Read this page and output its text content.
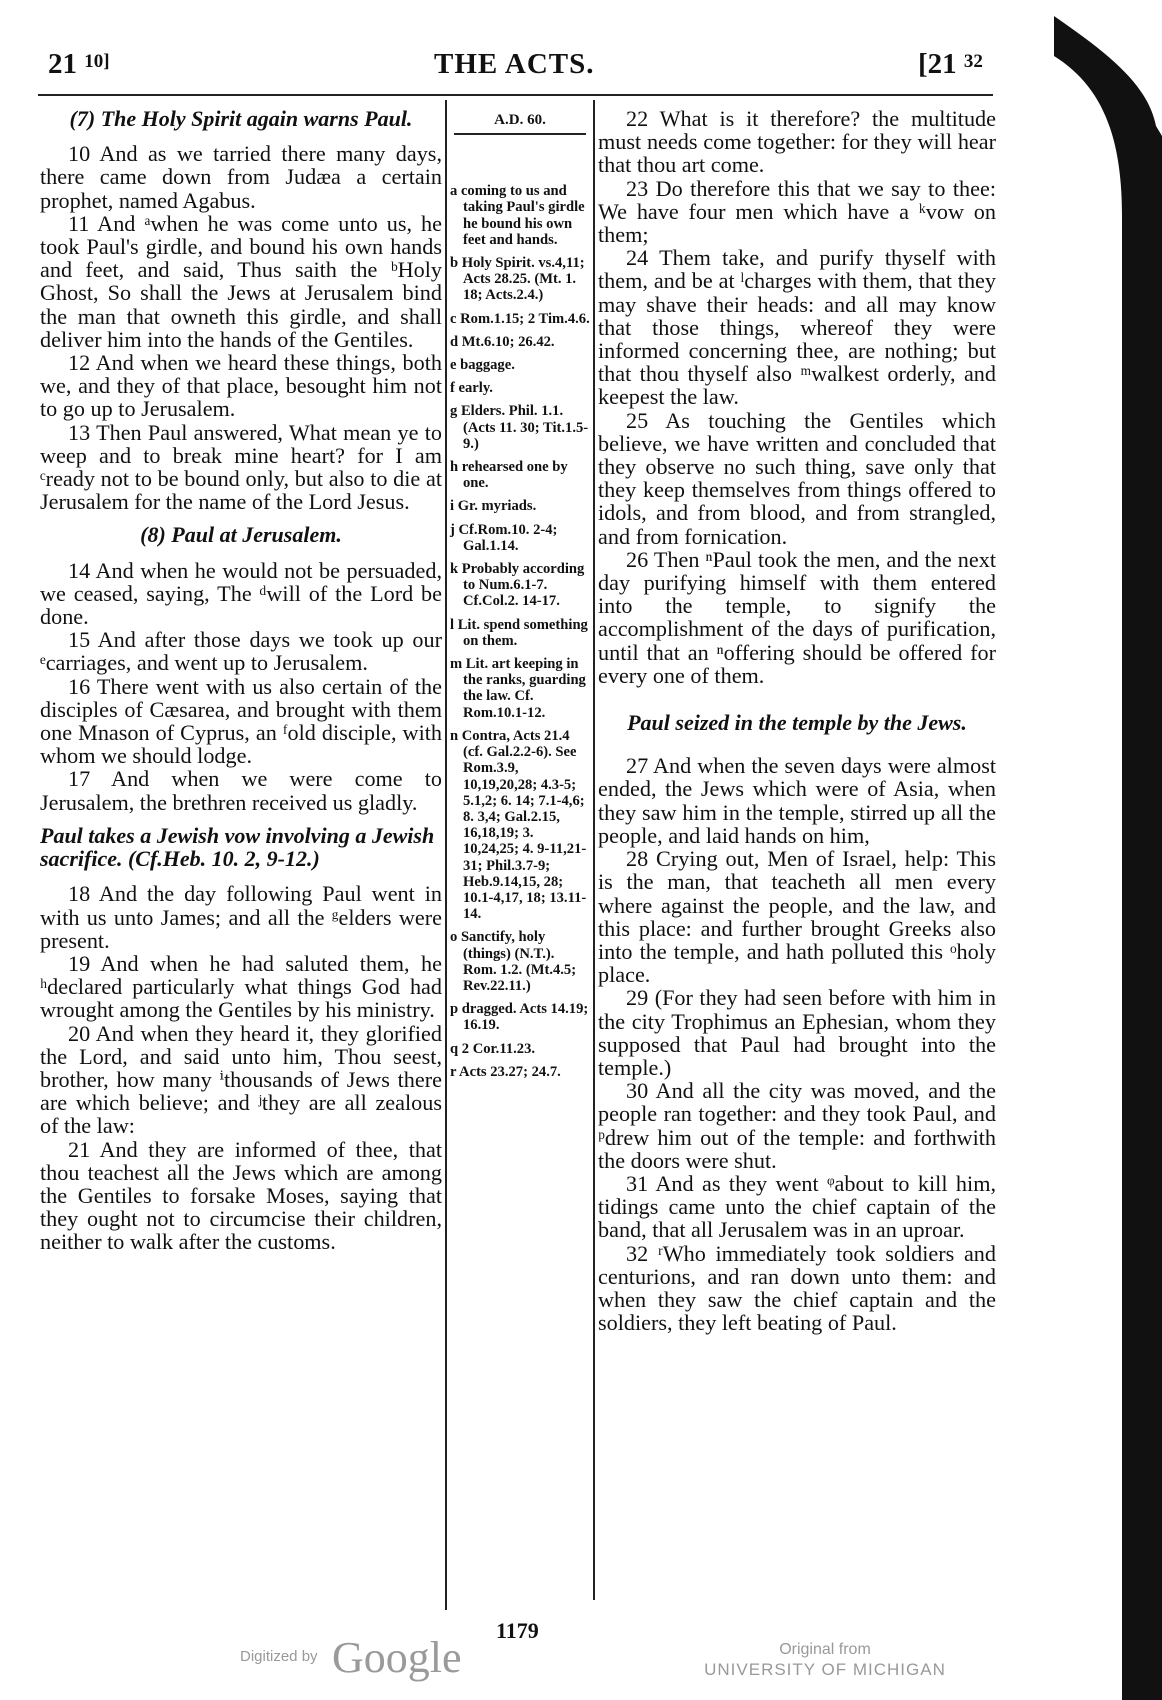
21 $^{10]}$	THE ACTS.	[21 $^{32}$

(7) The Holy Spirit again warns Paul.

10 And as we tarried there many days, there came down from Judæa a certain prophet, named Agabus.

11 And ᵃwhen he was come unto us, he took Paul's girdle, and bound his own hands and feet, and said, Thus saith the ᵇHoly Ghost, So shall the Jews at Jerusalem bind the man that owneth this girdle, and shall deliver him into the hands of the Gentiles.

12 And when we heard these things, both we, and they of that place, besought him not to go up to Jerusalem.

13 Then Paul answered, What mean ye to weep and to break mine heart? for I am ᶜready not to be bound only, but also to die at Jerusalem for the name of the Lord Jesus.

(8) Paul at Jerusalem.

14 And when he would not be persuaded, we ceased, saying, The ᵈwill of the Lord be done.

15 And after those days we took up our ᵉcarriages, and went up to Jerusalem.

16 There went with us also certain of the disciples of Cæsarea, and brought with them one Mnason of Cyprus, an ᶠold disciple, with whom we should lodge.

17 And when we were come to Jerusalem, the brethren received us gladly.

Paul takes a Jewish vow involving a Jewish sacrifice. (Cf.Heb. 10. 2, 9-12.)

18 And the day following Paul went in with us unto James; and all the ᵍelders were present.

19 And when he had saluted them, he ʰdeclared particularly what things God had wrought among the Gentiles by his ministry.

20 And when they heard it, they glorified the Lord, and said unto him, Thou seest, brother, how many ⁱthousands of Jews there are which believe; and ʲthey are all zealous of the law:

21 And they are informed of thee, that thou teachest all the Jews which are among the Gentiles to forsake Moses, saying that they ought not to circumcise their children, neither to walk after the customs.

A.D. 60.

a coming to us and taking Paul's girdle he bound his own feet and hands.

b Holy Spirit. vs.4,11; Acts 28.25. (Mt. 1. 18; Acts.2.4.)

c Rom.1.15; 2 Tim.4.6.

d Mt.6.10; 26.42.

e baggage.

f early.

g Elders. Phil. 1.1. (Acts 11. 30; Tit.1.5-9.)

h rehearsed one by one.

i Gr. myriads.

j Cf.Rom.10. 2-4; Gal.1.14.

k Probably according to Num.6.1-7. Cf.Col.2. 14-17.

l Lit. spend something on them.

m Lit. art keeping in the ranks, guarding the law. Cf. Rom.10.1-12.

n Contra, Acts 21.4 (cf. Gal.2.2-6). See Rom.3.9, 10,19,20,28; 4.3-5; 5.1,2; 6. 14; 7.1-4,6; 8. 3,4; Gal.2.15, 16,18,19; 3. 10,24,25; 4. 9-11,21-31; Phil.3.7-9; Heb.9.14,15, 28; 10.1-4,17, 18; 13.11-14.

o Sanctify, holy (things) (N.T.). Rom. 1.2. (Mt.4.5; Rev.22.11.)

p dragged. Acts 14.19; 16.19.

q 2 Cor.11.23.

r Acts 23.27; 24.7.

22 What is it therefore? the multitude must needs come together: for they will hear that thou art come.

23 Do therefore this that we say to thee: We have four men which have a ᵏvow on them;

24 Them take, and purify thyself with them, and be at ˡcharges with them, that they may shave their heads: and all may know that those things, whereof they were informed concerning thee, are nothing; but that thou thyself also ᵐwalkest orderly, and keepest the law.

25 As touching the Gentiles which believe, we have written and concluded that they observe no such thing, save only that they keep themselves from things offered to idols, and from blood, and from strangled, and from fornication.

26 Then ⁿPaul took the men, and the next day purifying himself with them entered into the temple, to signify the accomplishment of the days of purification, until that an ⁿoffering should be offered for every one of them.

Paul seized in the temple by the Jews.

27 And when the seven days were almost ended, the Jews which were of Asia, when they saw him in the temple, stirred up all the people, and laid hands on him,

28 Crying out, Men of Israel, help: This is the man, that teacheth all men every where against the people, and the law, and this place: and further brought Greeks also into the temple, and hath polluted this ᵒholy place.

29 (For they had seen before with him in the city Trophimus an Ephesian, whom they supposed that Paul had brought into the temple.)

30 And all the city was moved, and the people ran together: and they took Paul, and ᵖdrew him out of the temple: and forthwith the doors were shut.

31 And as they went ᵠabout to kill him, tidings came unto the chief captain of the band, that all Jerusalem was in an uproar.

32 ʳWho immediately took soldiers and centurions, and ran down unto them: and when they saw the chief captain and the soldiers, they left beating of Paul.

1179
Digitized by Google	Original from
UNIVERSITY OF MICHIGAN
